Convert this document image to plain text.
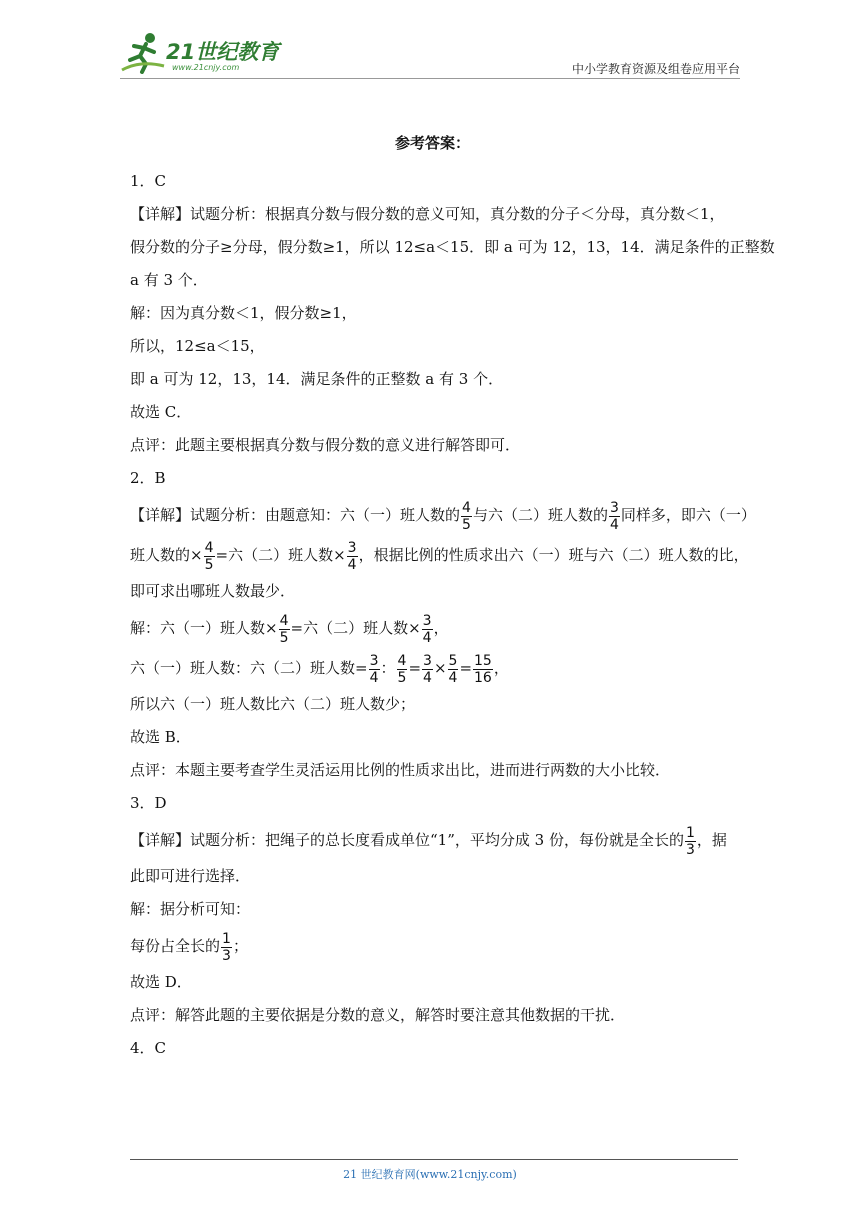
21世纪教育
www.21cnjy.com	中小学教育资源及组卷应用平台
参考答案：
1．C
【详解】试题分析：根据真分数与假分数的意义可知，真分数的分子＜分母，真分数＜1，
假分数的分子≥分母，假分数≥1，所以 12≤a＜15．即 a 可为 12，13，14．满足条件的正整数
a 有 3 个．
解：因为真分数＜1，假分数≥1，
所以，12≤a＜15，
即 a 可为 12，13，14．满足条件的正整数 a 有 3 个．
故选 C．
点评：此题主要根据真分数与假分数的意义进行解答即可．
2．B
【详解】试题分析：由题意知：六（一）班人数的 $\frac{4}{5}$ 与六（二）班人数的 $\frac{3}{4}$ 同样多，即六（一）
班人数的× $\frac{4}{5}$ =六（二）班人数× $\frac{3}{4}$ ，根据比例的性质求出六（一）班与六（二）班人数的比，
即可求出哪班人数最少．
解：六（一）班人数× $\frac{4}{5}$ =六（二）班人数× $\frac{3}{4}$ ，
六（一）班人数：六（二）班人数= $\frac{3}{4}$ ： $\frac{4}{5} = \frac{3}{4} \times \frac{5}{4} = \frac{15}{16}$ ，
所以六（一）班人数比六（二）班人数少；
故选 B．
点评：本题主要考查学生灵活运用比例的性质求出比，进而进行两数的大小比较．
3．D
【详解】试题分析：把绳子的总长度看成单位“1”，平均分成 3 份，每份就是全长的 $\frac{1}{3}$ ，据
此即可进行选择．
解：据分析可知：
每份占全长的 $\frac{1}{3}$ ；
故选 D．
点评：解答此题的主要依据是分数的意义，解答时要注意其他数据的干扰．
4．C
21 世纪教育网(www.21cnjy.com)
